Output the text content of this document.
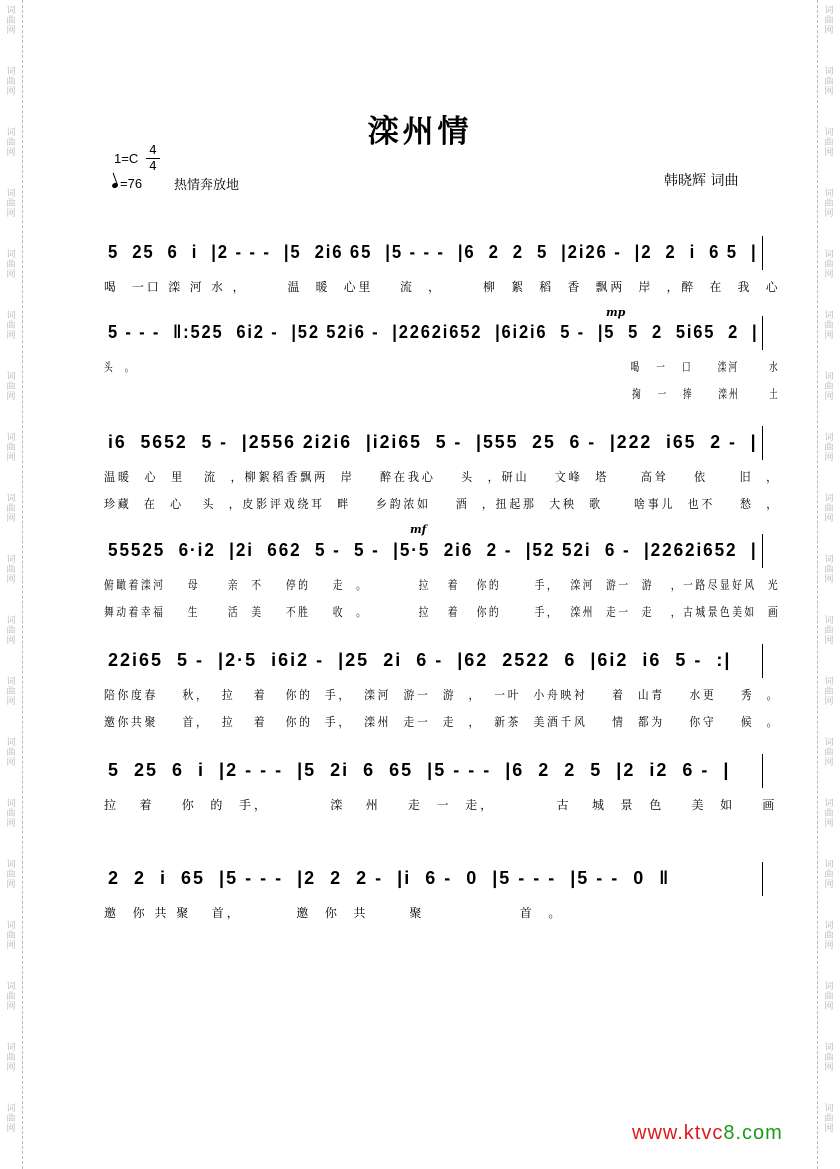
词
曲
网
词
曲
网
词
曲
网
词
曲
网
词
曲
网
词
曲
网
词
曲
网
词
曲
网
词
曲
网
词
曲
网
词
曲
网
词
曲
网
词
曲
网
词
曲
网
词
曲
网
词
曲
网
词
曲
网
词
曲
网
词
曲
网
词
曲
网
词
曲
网
词
曲
网
词
曲
网
词
曲
网
词
曲
网
词
曲
网
词
曲
网
词
曲
网
词
曲
网
词
曲
网
词
曲
网
词
曲
网
词
曲
网
词
曲
网
词
曲
网
词
曲
网
词
曲
网
词
曲
网
滦州情
$1=C \frac{4}{4}$
=76 热情奔放地	韩晓辉 词曲
5  25  6  i  |2 - - -  |5  2i6 65  |5 - - -  |6  2  2  5  |2i26 -  |2  2  i  6 5  |
喝  一口 滦 河 水 ，      温  暖  心里    流  ，      柳  絮  稻  香  飘两  岸  ，醉  在  我  心
5 - - -  ‖:525  6i2 -  |52 52i6 -  |2262i652  |6i2i6  5 -  |5  5  2  5i65  2  |
头  。                                                                                                    喝   一   口     滦河      水
掬   一   捧     滦州      土
i6  5652  5 -  |2556 2i2i6  |i2i65  5 -  |555  25  6 -  |222  i65  2 -  |
温暖  心  里   流  ，柳絮稻香飘两  岸    醉在我心    头  ，研山    文峰  塔     高耸    依     旧  ，
珍藏  在  心   头  ，皮影评戏绕耳  畔    乡韵浓如    酒  ，扭起那  大秧  歌     啥事儿  也不    愁  ，
55525  6·i2  |2i  662  5 -  5 -  |5·5  2i6  2 -  |52 52i  6 -  |2262i652  |
俯瞰着滦河    母     亲  不    停的    走  。         拉   着   你的      手，  滦河  游一  游   ，一路尽显好风  光
舞动着幸福    生     活  美    不胜    收  。         拉   着   你的      手，  滦州  走一  走   ，古城景色美如  画
22i65  5 -  |2·5  i6i2 -  |25  2i  6 -  |62  2522  6  |6i2  i6  5 -  :|
陪你度春    秋，  拉   着   你的  手，  滦河  游一  游  ，  一叶  小舟映衬    着  山青    水更    秀  。
邀你共聚    首，  拉   着   你的  手，  滦州  走一  走  ，  新茶  美酒千风    情  都为    你守    候  。
5  25  6  i  |2 - - -  |5  2i  6  65  |5 - - -  |6  2  2  5  |2  i2  6 -  |
拉   着    你  的  手，         滦   州    走  一  走，         古   城  景  色    美  如    画
2  2  i  65  |5 - - -  |2  2  2 -  |i  6 -  0  |5 - - -  |5 - -  0  ‖
邀  你 共 聚   首，        邀  你  共      聚              首  。
mp
mf
www.ktvc8.com
